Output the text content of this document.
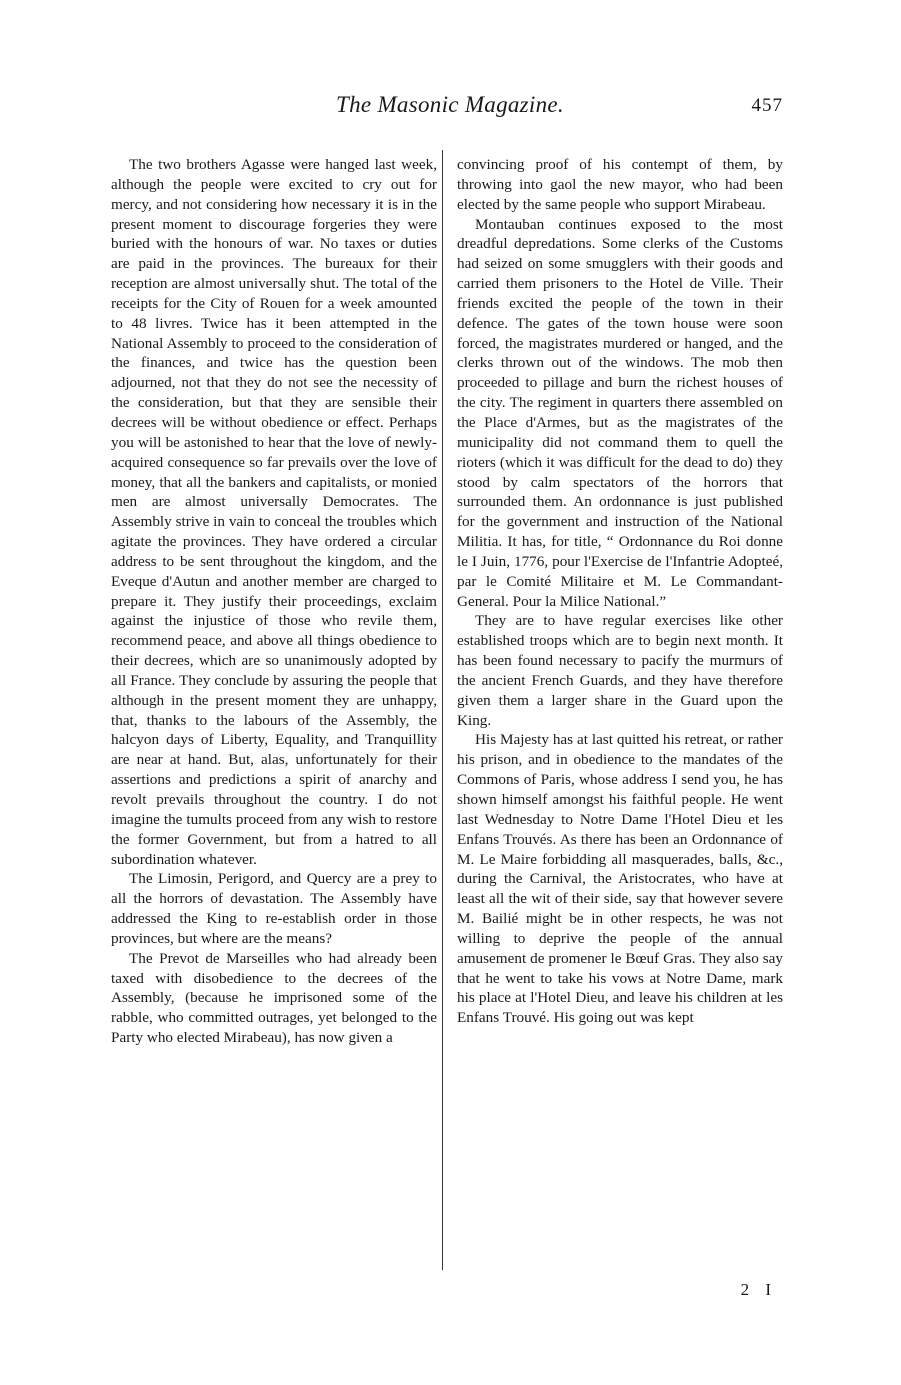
The Masonic Magazine.	457

The two brothers Agasse were hanged last week, although the people were excited to cry out for mercy, and not considering how necessary it is in the present moment to discourage forgeries they were buried with the honours of war. No taxes or duties are paid in the provinces. The bureaux for their reception are almost universally shut. The total of the receipts for the City of Rouen for a week amounted to 48 livres. Twice has it been attempted in the National Assembly to proceed to the consideration of the finances, and twice has the question been adjourned, not that they do not see the necessity of the consideration, but that they are sensible their decrees will be without obedience or effect. Perhaps you will be astonished to hear that the love of newly-acquired consequence so far prevails over the love of money, that all the bankers and capitalists, or monied men are almost universally Democrates. The Assembly strive in vain to conceal the troubles which agitate the provinces. They have ordered a circular address to be sent throughout the kingdom, and the Eveque d'Autun and another member are charged to prepare it. They justify their proceedings, exclaim against the injustice of those who revile them, recommend peace, and above all things obedience to their decrees, which are so unanimously adopted by all France. They conclude by assuring the people that although in the present moment they are unhappy, that, thanks to the labours of the Assembly, the halcyon days of Liberty, Equality, and Tranquillity are near at hand. But, alas, unfortunately for their assertions and predictions a spirit of anarchy and revolt prevails throughout the country. I do not imagine the tumults proceed from any wish to restore the former Government, but from a hatred to all subordination whatever.

The Limosin, Perigord, and Quercy are a prey to all the horrors of devastation. The Assembly have addressed the King to re-establish order in those provinces, but where are the means?

The Prevot de Marseilles who had already been taxed with disobedience to the decrees of the Assembly, (because he imprisoned some of the rabble, who committed outrages, yet belonged to the Party who elected Mirabeau), has now given a

convincing proof of his contempt of them, by throwing into gaol the new mayor, who had been elected by the same people who support Mirabeau.

Montauban continues exposed to the most dreadful depredations. Some clerks of the Customs had seized on some smugglers with their goods and carried them prisoners to the Hotel de Ville. Their friends excited the people of the town in their defence. The gates of the town house were soon forced, the magistrates murdered or hanged, and the clerks thrown out of the windows. The mob then proceeded to pillage and burn the richest houses of the city. The regiment in quarters there assembled on the Place d'Armes, but as the magistrates of the municipality did not command them to quell the rioters (which it was difficult for the dead to do) they stood by calm spectators of the horrors that surrounded them. An ordonnance is just published for the government and instruction of the National Militia. It has, for title, “ Ordonnance du Roi donne le I Juin, 1776, pour l'Exercise de l'Infantrie Adopteé, par le Comité Militaire et M. Le Commandant-General. Pour la Milice National.”

They are to have regular exercises like other established troops which are to begin next month. It has been found necessary to pacify the murmurs of the ancient French Guards, and they have therefore given them a larger share in the Guard upon the King.

His Majesty has at last quitted his retreat, or rather his prison, and in obedience to the mandates of the Commons of Paris, whose address I send you, he has shown himself amongst his faithful people. He went last Wednesday to Notre Dame l'Hotel Dieu et les Enfans Trouvés. As there has been an Ordonnance of M. Le Maire forbidding all masquerades, balls, &c., during the Carnival, the Aristocrates, who have at least all the wit of their side, say that however severe M. Bailié might be in other respects, he was not willing to deprive the people of the annual amusement de promener le Bœuf Gras. They also say that he went to take his vows at Notre Dame, mark his place at l'Hotel Dieu, and leave his children at les Enfans Trouvé. His going out was kept

2 I
